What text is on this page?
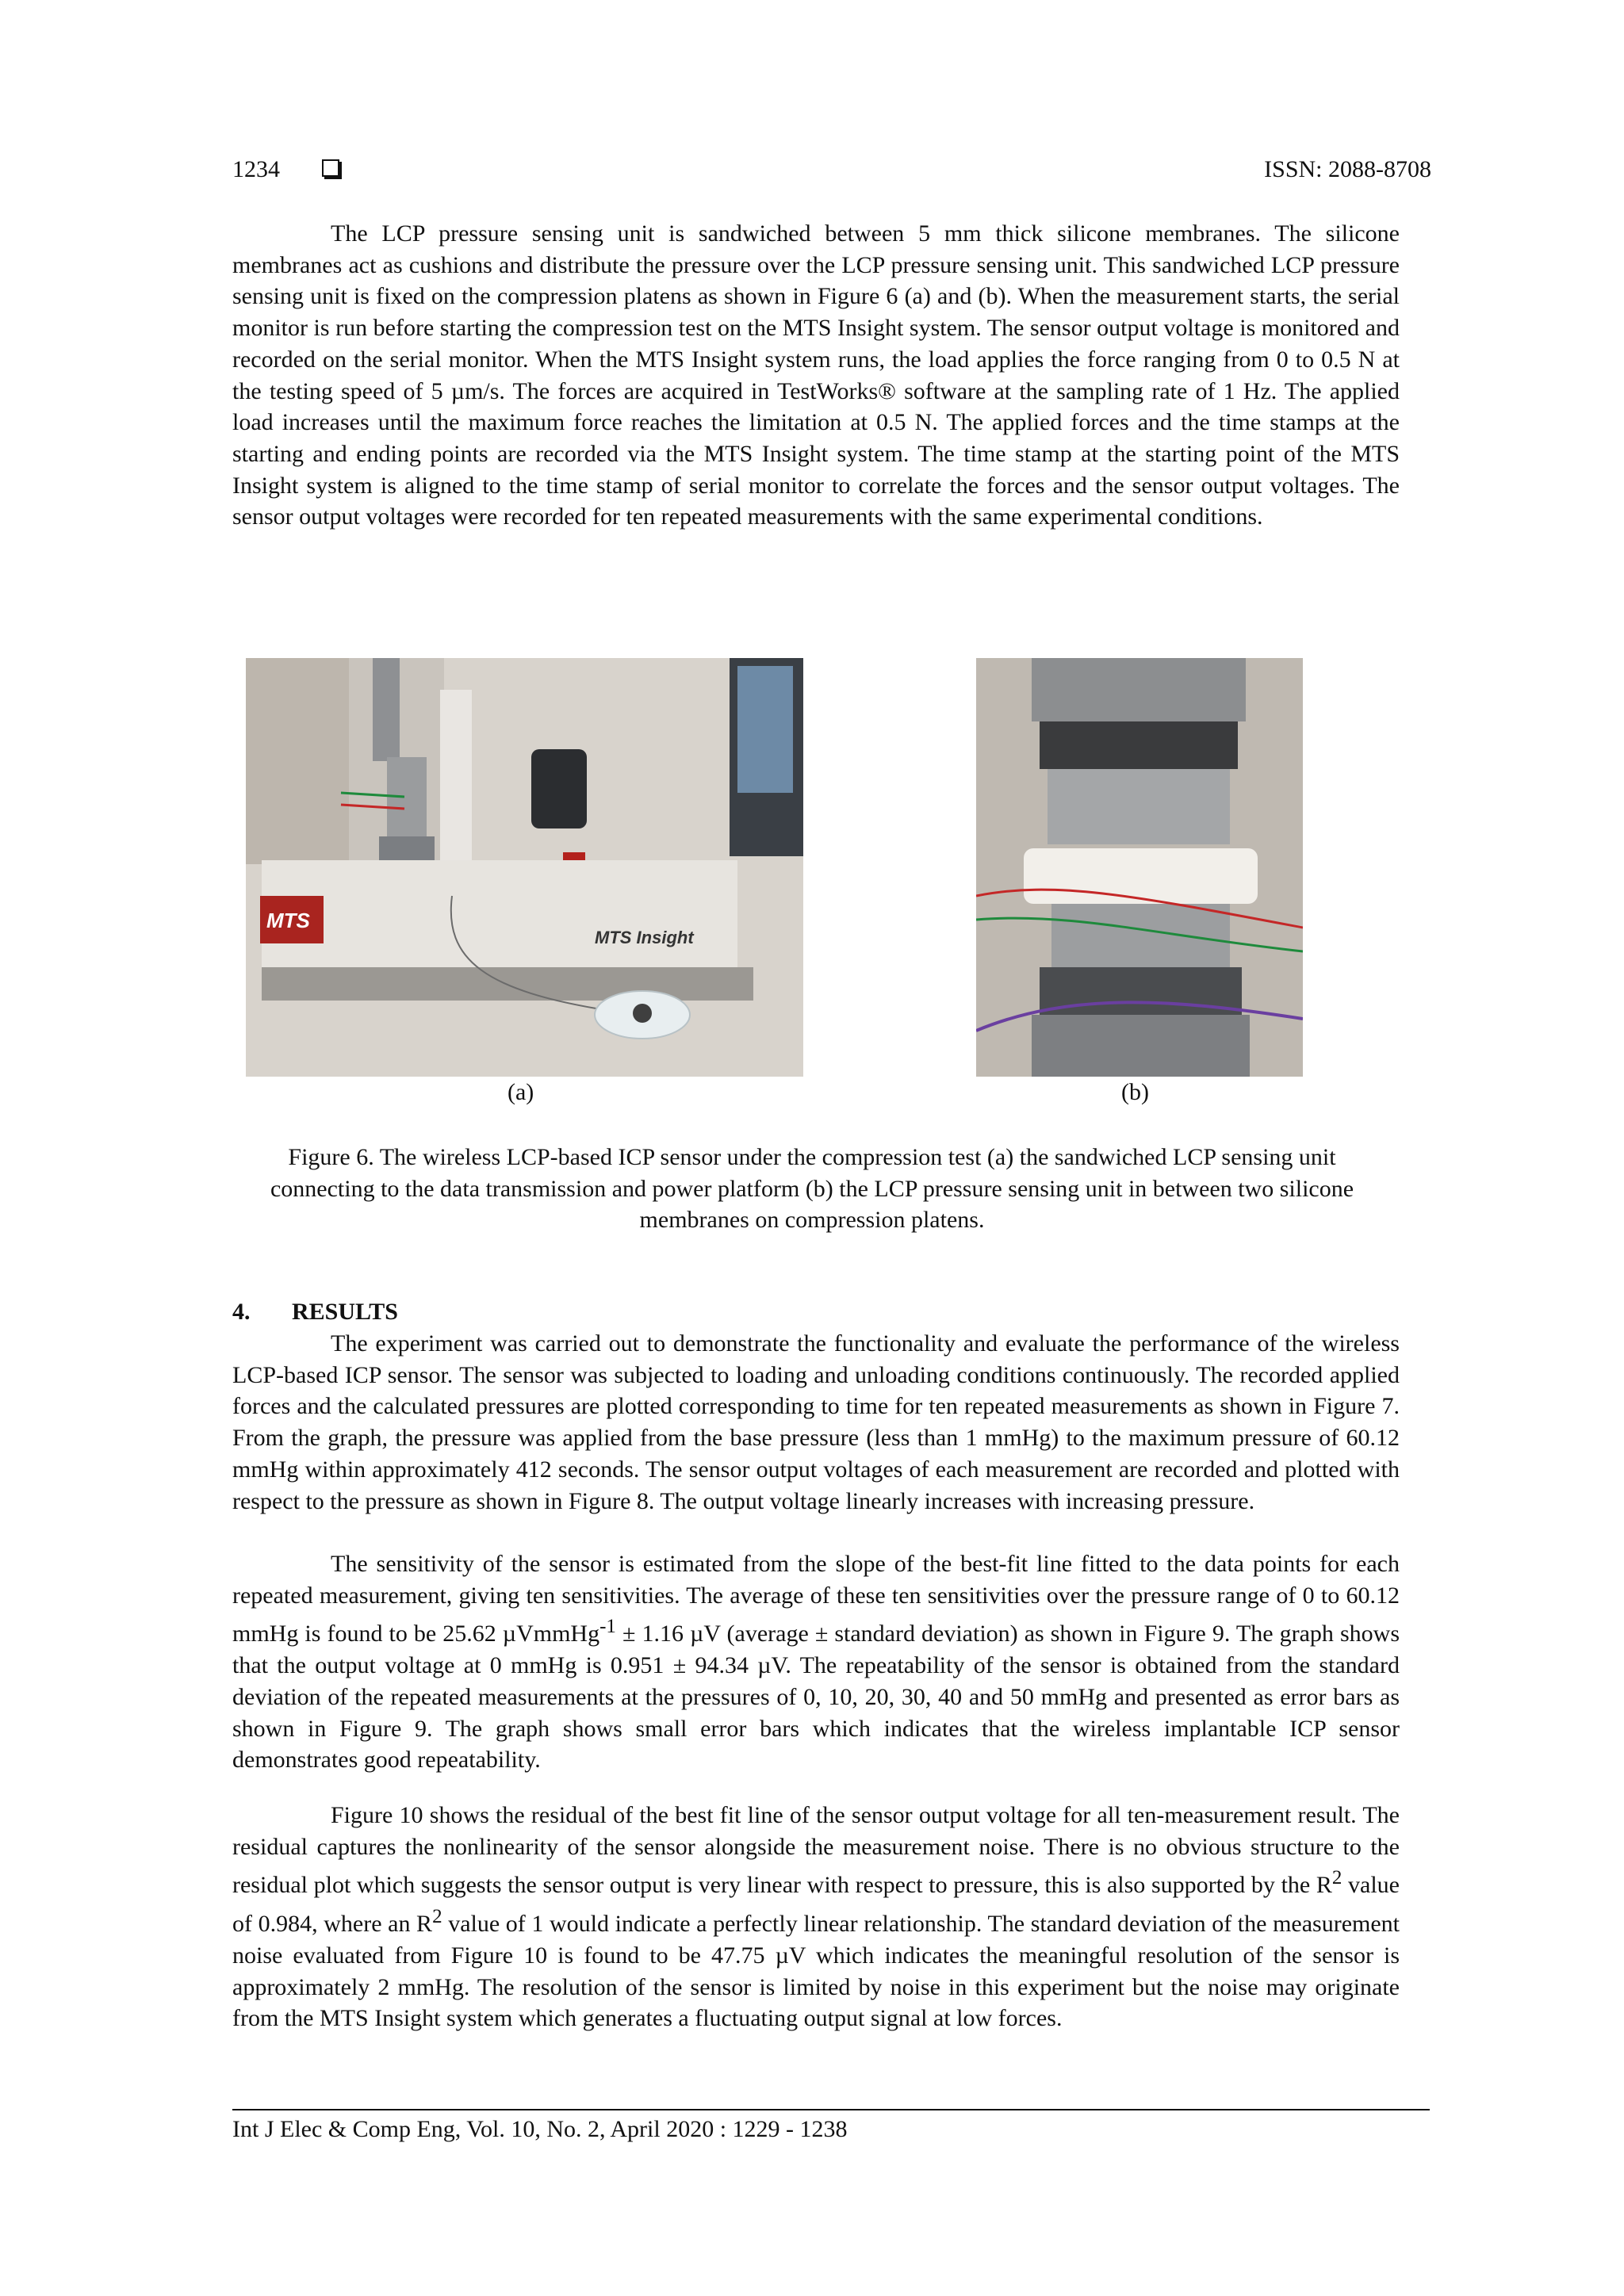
1234	ISSN: 2088-8708

The LCP pressure sensing unit is sandwiched between 5 mm thick silicone membranes. The silicone membranes act as cushions and distribute the pressure over the LCP pressure sensing unit. This sandwiched LCP pressure sensing unit is fixed on the compression platens as shown in Figure 6 (a) and (b). When the measurement starts, the serial monitor is run before starting the compression test on the MTS Insight system. The sensor output voltage is monitored and recorded on the serial monitor. When the MTS Insight system runs, the load applies the force ranging from 0 to 0.5 N at the testing speed of 5 µm/s. The forces are acquired in TestWorks® software at the sampling rate of 1 Hz. The applied load increases until the maximum force reaches the limitation at 0.5 N. The applied forces and the time stamps at the starting and ending points are recorded via the MTS Insight system. The time stamp at the starting point of the MTS Insight system is aligned to the time stamp of serial monitor to correlate the forces and the sensor output voltages. The sensor output voltages were recorded for ten repeated measurements with the same experimental conditions.

MTS
MTS Insight
(a)	(b)

Figure 6. The wireless LCP-based ICP sensor under the compression test (a) the sandwiched LCP sensing unit connecting to the data transmission and power platform (b) the LCP pressure sensing unit in between two silicone membranes on compression platens.

4. RESULTS

The experiment was carried out to demonstrate the functionality and evaluate the performance of the wireless LCP-based ICP sensor. The sensor was subjected to loading and unloading conditions continuously. The recorded applied forces and the calculated pressures are plotted corresponding to time for ten repeated measurements as shown in Figure 7. From the graph, the pressure was applied from the base pressure (less than 1 mmHg) to the maximum pressure of 60.12 mmHg within approximately 412 seconds. The sensor output voltages of each measurement are recorded and plotted with respect to the pressure as shown in Figure 8. The output voltage linearly increases with increasing pressure.

The sensitivity of the sensor is estimated from the slope of the best-fit line fitted to the data points for each repeated measurement, giving ten sensitivities. The average of these ten sensitivities over the pressure range of 0 to 60.12 mmHg is found to be 25.62 µVmmHg$^{-1}$ ± 1.16 µV (average ± standard deviation) as shown in Figure 9. The graph shows that the output voltage at 0 mmHg is 0.951 ± 94.34 µV. The repeatability of the sensor is obtained from the standard deviation of the repeated measurements at the pressures of 0, 10, 20, 30, 40 and 50 mmHg and presented as error bars as shown in Figure 9. The graph shows small error bars which indicates that the wireless implantable ICP sensor demonstrates good repeatability.

Figure 10 shows the residual of the best fit line of the sensor output voltage for all ten-measurement result. The residual captures the nonlinearity of the sensor alongside the measurement noise. There is no obvious structure to the residual plot which suggests the sensor output is very linear with respect to pressure, this is also supported by the $R^2$ value of 0.984, where an $R^2$ value of 1 would indicate a perfectly linear relationship. The standard deviation of the measurement noise evaluated from Figure 10 is found to be 47.75 µV which indicates the meaningful resolution of the sensor is approximately 2 mmHg. The resolution of the sensor is limited by noise in this experiment but the noise may originate from the MTS Insight system which generates a fluctuating output signal at low forces.

Int J Elec & Comp Eng, Vol. 10, No. 2, April 2020 : 1229 - 1238
